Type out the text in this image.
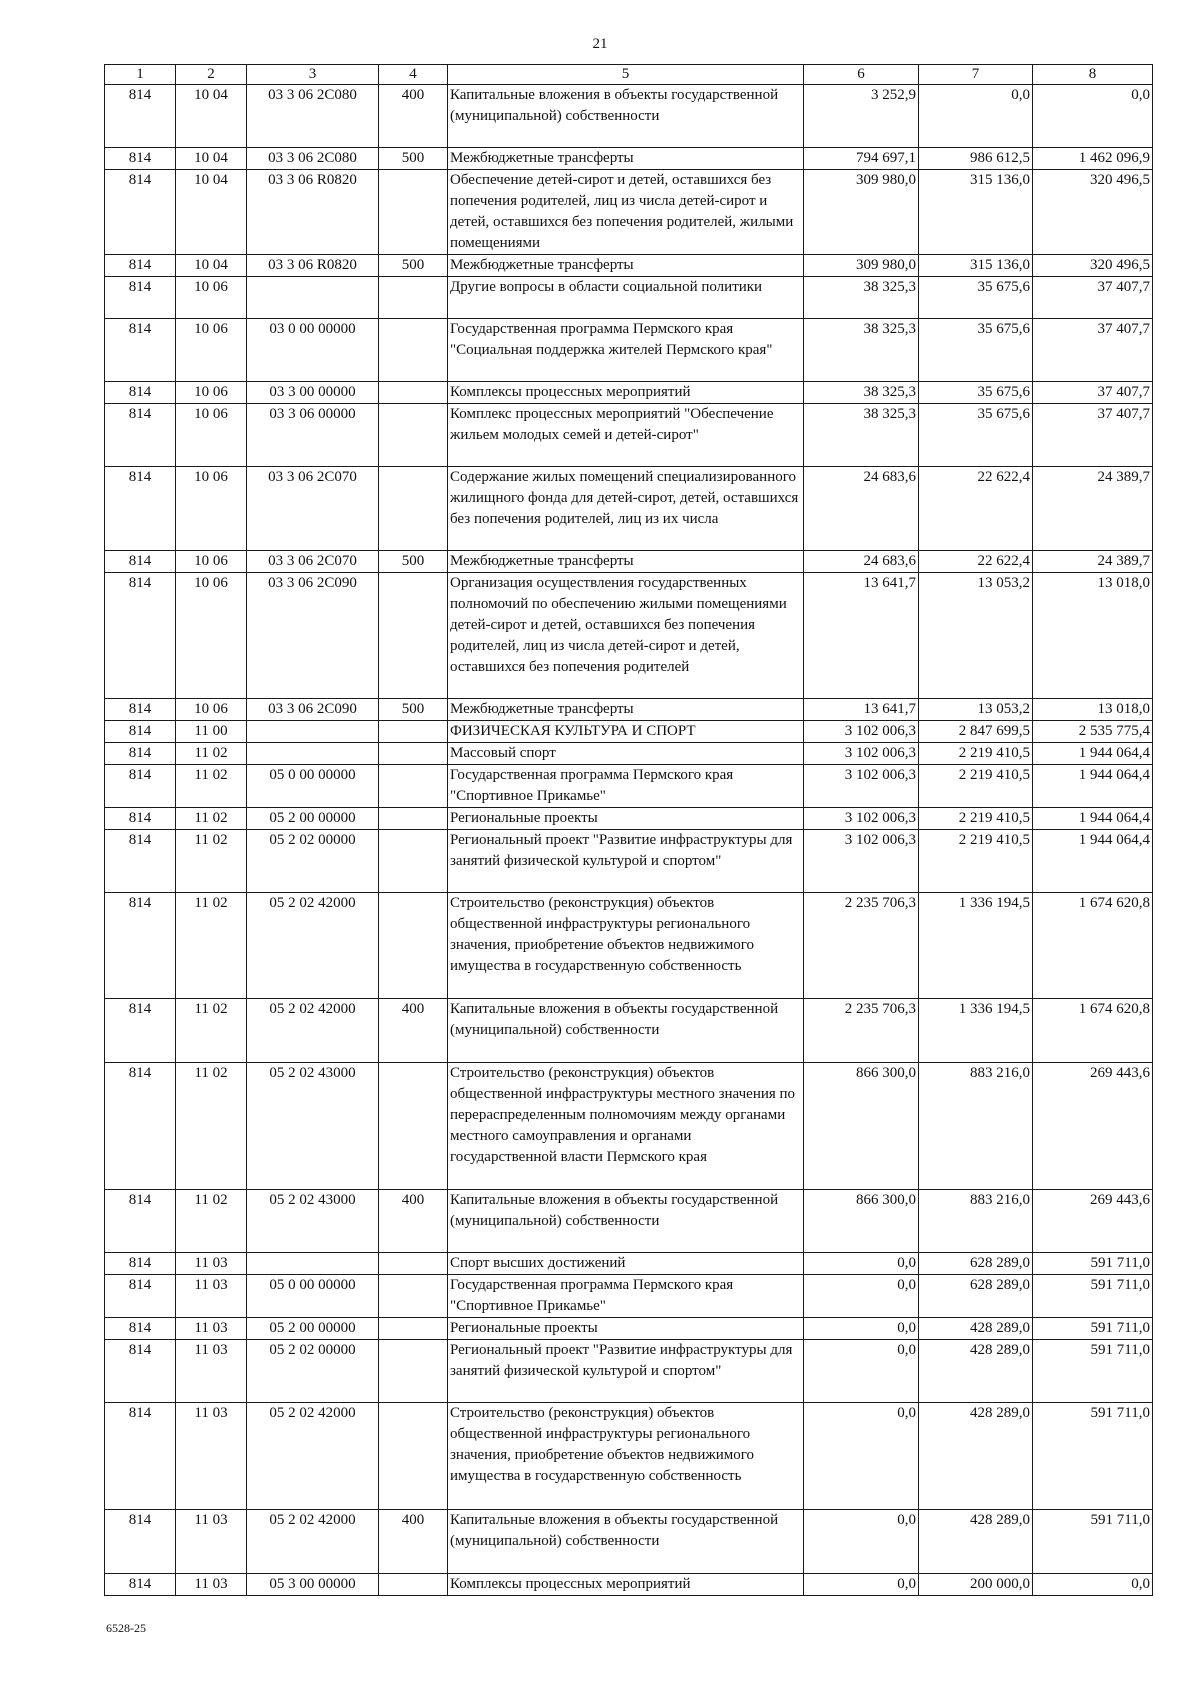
21
1	2	3	4	5	6	7	8
814	10 04	03 3 06 2С080	400	Капитальные вложения в объекты государственной (муниципальной) собственности	3 252,9	0,0	0,0
814	10 04	03 3 06 2С080	500	Межбюджетные трансферты	794 697,1	986 612,5	1 462 096,9
814	10 04	03 3 06 R0820		Обеспечение детей-сирот и детей, оставшихся без попечения родителей, лиц из числа детей-сирот и детей, оставшихся без попечения родителей, жилыми помещениями	309 980,0	315 136,0	320 496,5
814	10 04	03 3 06 R0820	500	Межбюджетные трансферты	309 980,0	315 136,0	320 496,5
814	10 06			Другие вопросы в области социальной политики	38 325,3	35 675,6	37 407,7
814	10 06	03 0 00 00000		Государственная программа Пермского края "Социальная поддержка жителей Пермского края"	38 325,3	35 675,6	37 407,7
814	10 06	03 3 00 00000		Комплексы процессных мероприятий	38 325,3	35 675,6	37 407,7
814	10 06	03 3 06 00000		Комплекс процессных мероприятий "Обеспечение жильем молодых семей и детей-сирот"	38 325,3	35 675,6	37 407,7
814	10 06	03 3 06 2С070		Содержание жилых помещений специализированного жилищного фонда для детей-сирот, детей, оставшихся без попечения родителей, лиц из их числа	24 683,6	22 622,4	24 389,7
814	10 06	03 3 06 2С070	500	Межбюджетные трансферты	24 683,6	22 622,4	24 389,7
814	10 06	03 3 06 2С090		Организация осуществления государственных полномочий по обеспечению жилыми помещениями детей-сирот и детей, оставшихся без попечения родителей, лиц из числа детей-сирот и детей, оставшихся без попечения родителей	13 641,7	13 053,2	13 018,0
814	10 06	03 3 06 2С090	500	Межбюджетные трансферты	13 641,7	13 053,2	13 018,0
814	11 00			ФИЗИЧЕСКАЯ КУЛЬТУРА И СПОРТ	3 102 006,3	2 847 699,5	2 535 775,4
814	11 02			Массовый спорт	3 102 006,3	2 219 410,5	1 944 064,4
814	11 02	05 0 00 00000		Государственная программа Пермского края "Спортивное Прикамье"	3 102 006,3	2 219 410,5	1 944 064,4
814	11 02	05 2 00 00000		Региональные проекты	3 102 006,3	2 219 410,5	1 944 064,4
814	11 02	05 2 02 00000		Региональный проект "Развитие инфраструктуры для занятий физической культурой и спортом"	3 102 006,3	2 219 410,5	1 944 064,4
814	11 02	05 2 02 42000		Строительство (реконструкция) объектов общественной инфраструктуры регионального значения, приобретение объектов недвижимого имущества в государственную собственность	2 235 706,3	1 336 194,5	1 674 620,8
814	11 02	05 2 02 42000	400	Капитальные вложения в объекты государственной (муниципальной) собственности	2 235 706,3	1 336 194,5	1 674 620,8
814	11 02	05 2 02 43000		Строительство (реконструкция) объектов общественной инфраструктуры местного значения по перераспределенным полномочиям между органами местного самоуправления и органами государственной власти Пермского края	866 300,0	883 216,0	269 443,6
814	11 02	05 2 02 43000	400	Капитальные вложения в объекты государственной (муниципальной) собственности	866 300,0	883 216,0	269 443,6
814	11 03			Спорт высших достижений	0,0	628 289,0	591 711,0
814	11 03	05 0 00 00000		Государственная программа Пермского края "Спортивное Прикамье"	0,0	628 289,0	591 711,0
814	11 03	05 2 00 00000		Региональные проекты	0,0	428 289,0	591 711,0
814	11 03	05 2 02 00000		Региональный проект "Развитие инфраструктуры для занятий физической культурой и спортом"	0,0	428 289,0	591 711,0
814	11 03	05 2 02 42000		Строительство (реконструкция) объектов общественной инфраструктуры регионального значения, приобретение объектов недвижимого имущества в государственную собственность	0,0	428 289,0	591 711,0
814	11 03	05 2 02 42000	400	Капитальные вложения в объекты государственной (муниципальной) собственности	0,0	428 289,0	591 711,0
814	11 03	05 3 00 00000		Комплексы процессных мероприятий	0,0	200 000,0	0,0
6528-25
